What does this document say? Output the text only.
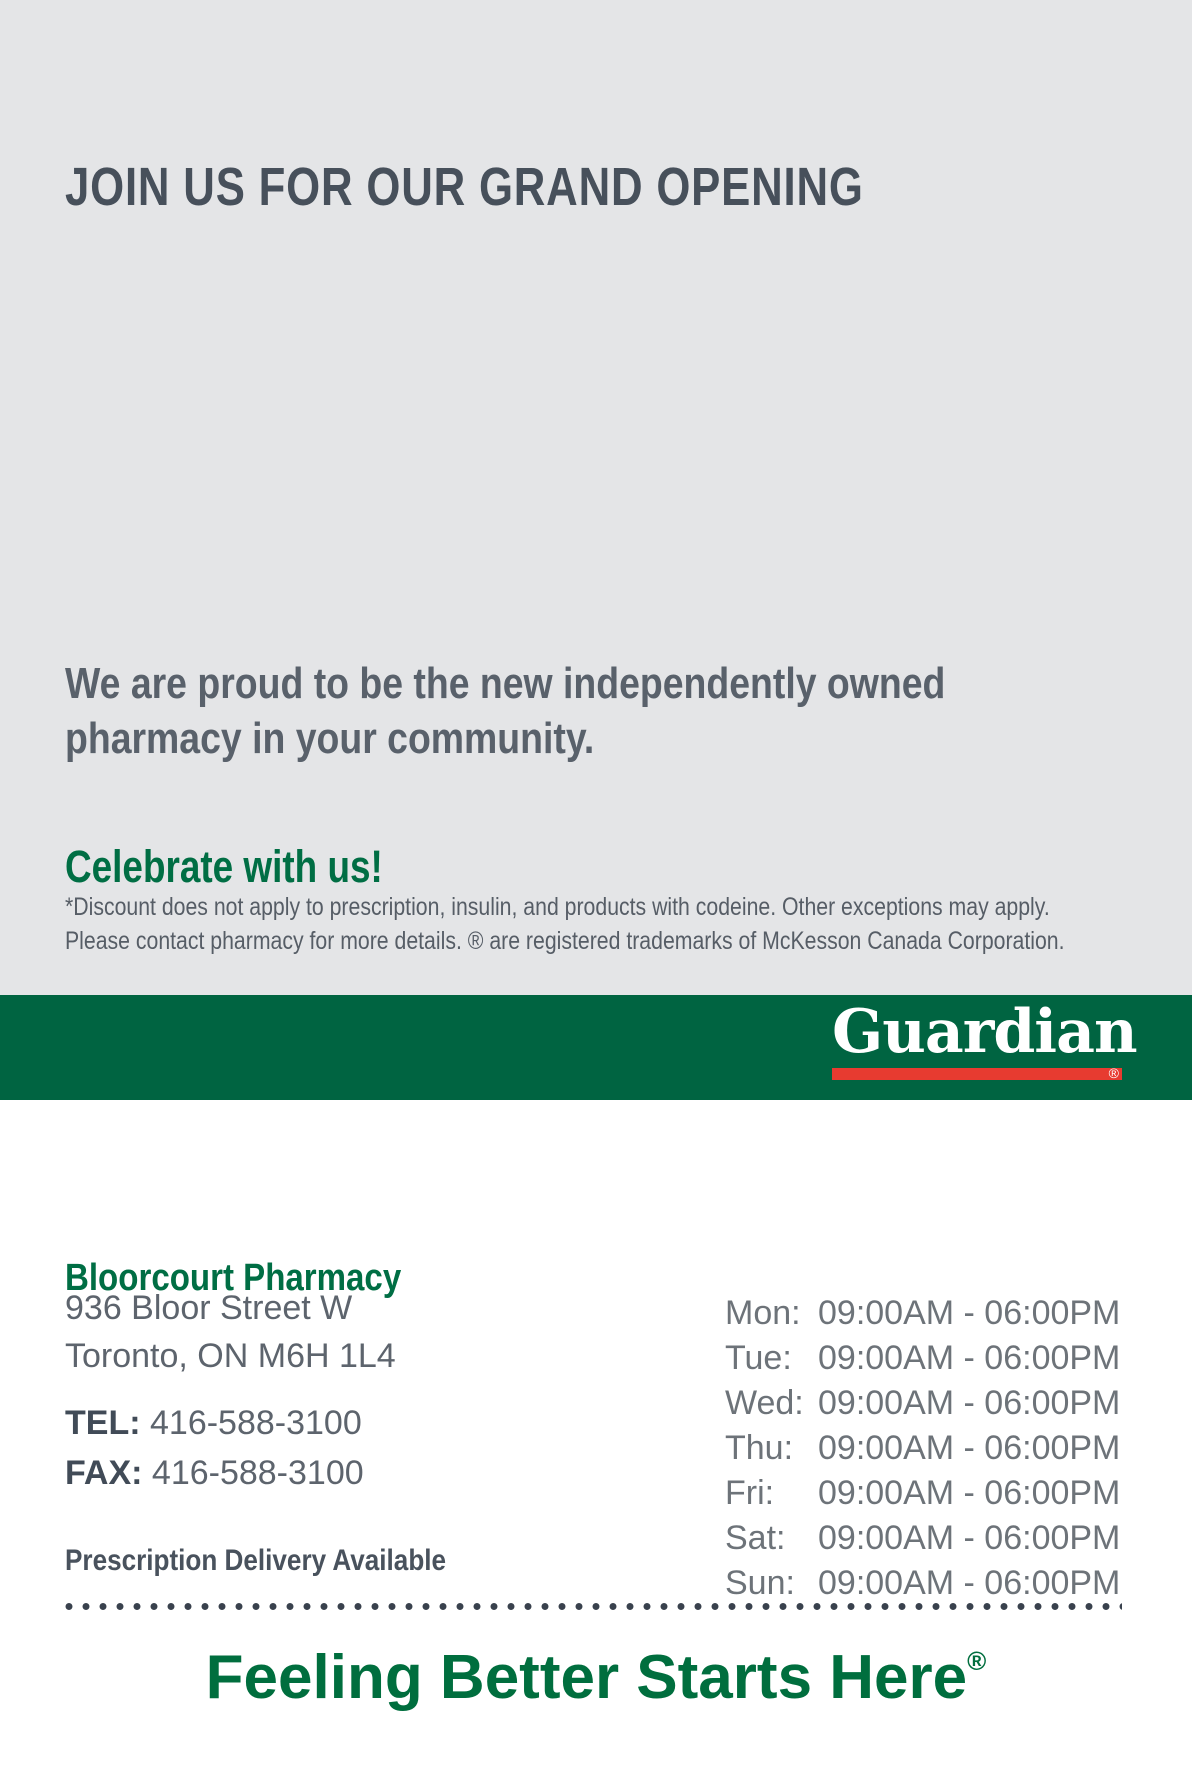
JOIN US FOR OUR GRAND OPENING
We are proud to be the new independently owned
pharmacy in your community.
Celebrate with us!
*Discount does not apply to prescription, insulin, and products with codeine. Other exceptions may apply.
Please contact pharmacy for more details. ® are registered trademarks of McKesson Canada Corporation.
Guardian
®
Bloorcourt Pharmacy
936 Bloor Street W
Toronto, ON M6H 1L4
TEL: 416-588-3100
FAX: 416-588-3100
Prescription Delivery Available
Mon: 09:00AM - 06:00PM
Tue: 09:00AM - 06:00PM
Wed: 09:00AM - 06:00PM
Thu: 09:00AM - 06:00PM
Fri: 09:00AM - 06:00PM
Sat: 09:00AM - 06:00PM
Sun: 09:00AM - 06:00PM
Feeling Better Starts Here®
